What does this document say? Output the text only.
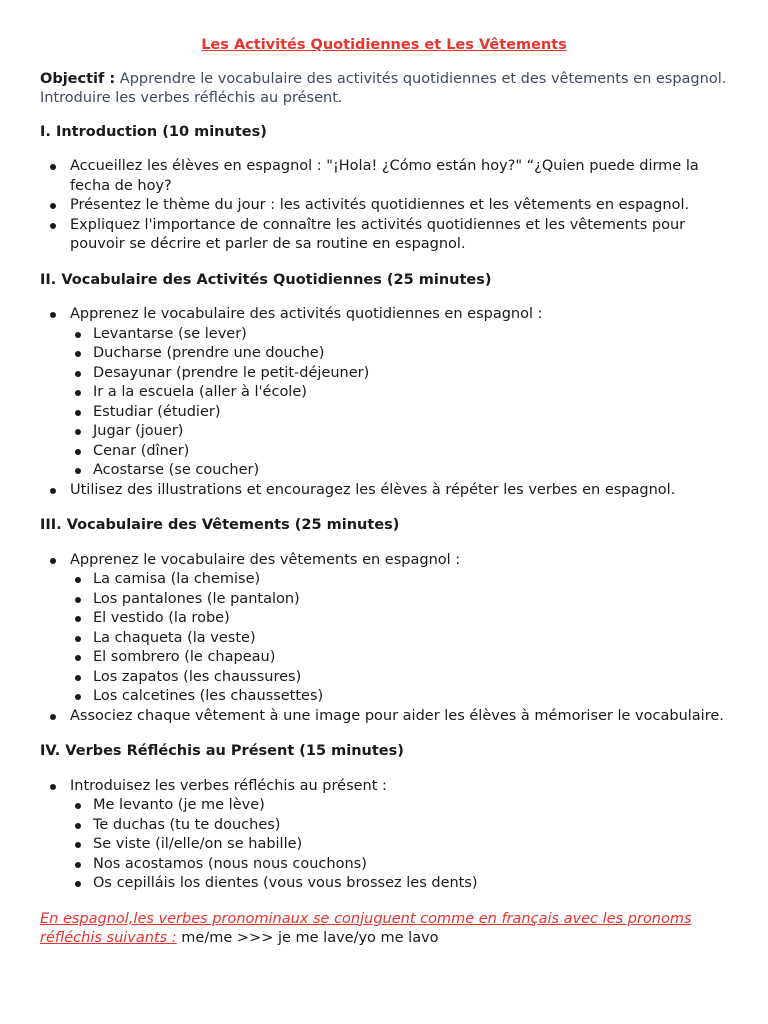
Les Activités Quotidiennes et Les Vêtements
Objectif : Apprendre le vocabulaire des activités quotidiennes et des vêtements en espagnol. Introduire les verbes réfléchis au présent.
I. Introduction (10 minutes)
Accueillez les élèves en espagnol : "¡Hola! ¿Cómo están hoy?" “¿Quien puede dirme la fecha de hoy?
Présentez le thème du jour : les activités quotidiennes et les vêtements en espagnol.
Expliquez l'importance de connaître les activités quotidiennes et les vêtements pour pouvoir se décrire et parler de sa routine en espagnol.
II. Vocabulaire des Activités Quotidiennes (25 minutes)
Apprenez le vocabulaire des activités quotidiennes en espagnol :
Levantarse (se lever)
Ducharse (prendre une douche)
Desayunar (prendre le petit-déjeuner)
Ir a la escuela (aller à l'école)
Estudiar (étudier)
Jugar (jouer)
Cenar (dîner)
Acostarse (se coucher)
Utilisez des illustrations et encouragez les élèves à répéter les verbes en espagnol.
III. Vocabulaire des Vêtements (25 minutes)
Apprenez le vocabulaire des vêtements en espagnol :
La camisa (la chemise)
Los pantalones (le pantalon)
El vestido (la robe)
La chaqueta (la veste)
El sombrero (le chapeau)
Los zapatos (les chaussures)
Los calcetines (les chaussettes)
Associez chaque vêtement à une image pour aider les élèves à mémoriser le vocabulaire.
IV. Verbes Réfléchis au Présent (15 minutes)
Introduisez les verbes réfléchis au présent :
Me levanto (je me lève)
Te duchas (tu te douches)
Se viste (il/elle/on se habille)
Nos acostamos (nous nous couchons)
Os cepilláis los dientes (vous vous brossez les dents)
En espagnol,les verbes pronominaux se conjuguent comme en français avec les pronoms réfléchis suivants : me/me >>> je me lave/yo me lavo
